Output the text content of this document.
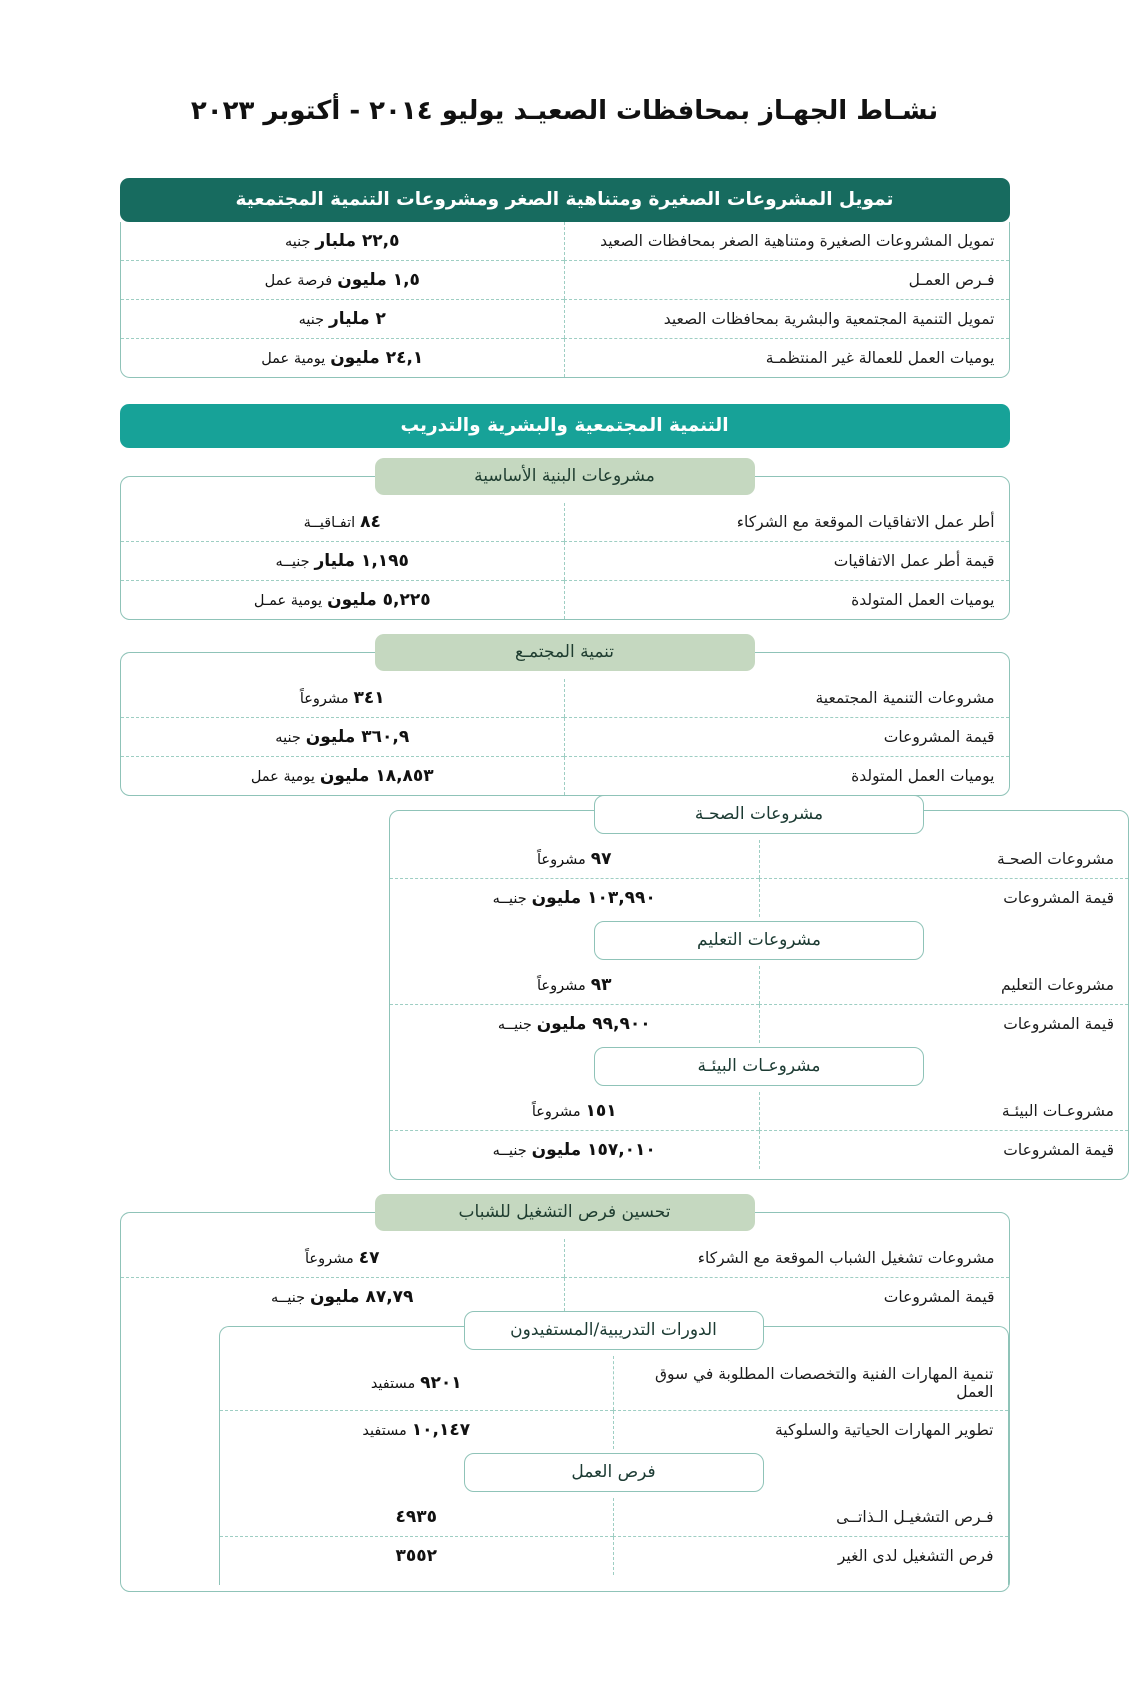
نشـاط الجهـاز بمحافظات الصعيـد يوليو ٢٠١٤ - أكتوبر ٢٠٢٣
تمويل المشروعات الصغيرة ومتناهية الصغر ومشروعات التنمية المجتمعية
تمويل المشروعات الصغيرة ومتناهية الصغر بمحافظات الصعيد	٢٢,٥ ملبار جنيه
فـرص العمـل	١,٥ مليون فرصة عمل
تمويل التنمية المجتمعية والبشرية بمحافظات الصعيد	٢ مليار جنيه
يوميات العمل للعمالة غير المنتظمـة	٢٤,١ مليون يومية عمل
التنمية المجتمعية والبشرية والتدريب
مشروعات البنية الأساسية
أطر عمل الاتفاقيات الموقعة مع الشركاء	٨٤ اتفـاقيــة
قيمة أطر عمل الاتفاقيات	١,١٩٥ مليار جنيــه
يوميات العمل المتولدة	٥,٢٢٥ مليون يومية عمـل
تنمية المجتمـع
مشروعات التنمية المجتمعية	٣٤١ مشروعاً
قيمة المشروعات	٣٦٠,٩ مليون جنيه
يوميات العمل المتولدة	١٨,٨٥٣ مليون يومية عمل
مشروعات الصحـة
مشروعات الصحـة	٩٧ مشروعاً
قيمة المشروعات	١٠٣,٩٩٠ مليون جنيــه
مشروعات التعليم
مشروعات التعليم	٩٣ مشروعاً
قيمة المشروعات	٩٩,٩٠٠ مليون جنيــه
مشروعـات البيئـة
مشروعـات البيئـة	١٥١ مشروعاً
قيمة المشروعات	١٥٧,٠١٠ مليون جنيــه
تحسين فرص التشغيل للشباب
مشروعات تشغيل الشباب الموقعة مع الشركاء	٤٧ مشروعاً
قيمة المشروعات	٨٧,٧٩ مليون جنيــه
الدورات التدريبية/المستفيدون
تنمية المهارات الفنية والتخصصات المطلوبة في سوق العمل	٩٢٠١ مستفيد
تطوير المهارات الحياتية والسلوكية	١٠,١٤٧ مستفيد
فرص العمل
فـرص التشغيـل الـذاتــى	٤٩٣٥
فرص التشغيل لدى الغير	٣٥٥٢
